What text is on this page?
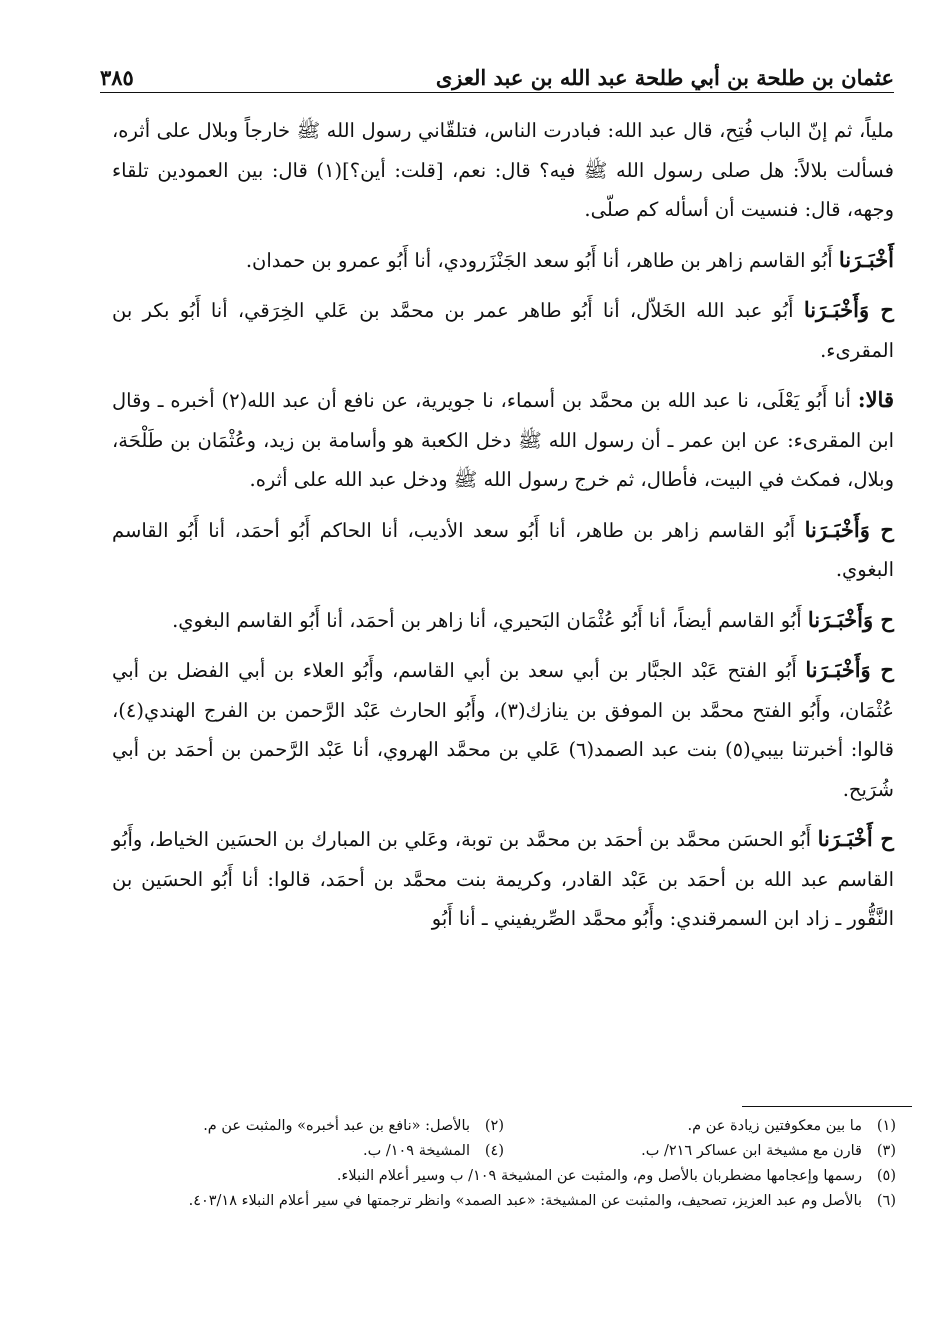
عثمان بن طلحة بن أبي طلحة عبد الله بن عبد العزى
٣٨٥

ملياً، ثم إنّ الباب فُتِح، قال عبد الله: فبادرت الناس، فتلقّاني رسول الله ﷺ خارجاً وبلال على أثره، فسألت بلالاً: هل صلى رسول الله ﷺ فيه؟ قال: نعم، [قلت: أين؟](١) قال: بين العمودين تلقاء وجهه، قال: فنسيت أن أسأله كم صلّى.

أَخْبَـرَنا أَبُو القاسم زاهر بن طاهر، أنا أَبُو سعد الجَنْزَرودي، أنا أَبُو عمرو بن حمدان.

ح وَأَخْبَـرَنا أَبُو عبد الله الخَلاّل، أنا أَبُو طاهر عمر بن محمَّد بن عَلي الخِرَقي، أنا أَبُو بكر بن المقرىء.

قالا: أنا أَبُو يَعْلَى، نا عبد الله بن محمَّد بن أسماء، نا جويرية، عن نافع أن عبد الله(٢) أخبره ـ وقال ابن المقرىء: عن ابن عمر ـ أن رسول الله ﷺ دخل الكعبة هو وأسامة بن زيد، وعُثْمَان بن طَلْحَة، وبلال، فمكث في البيت، فأطال، ثم خرج رسول الله ﷺ ودخل عبد الله على أثره.

ح وَأَخْبَـرَنا أَبُو القاسم زاهر بن طاهر، أنا أَبُو سعد الأديب، أنا الحاكم أَبُو أحمَد، أنا أَبُو القاسم البغوي.

ح وَأَخْبَـرَنا أَبُو القاسم أيضاً، أنا أَبُو عُثْمَان البَحيري، أنا زاهر بن أحمَد، أنا أَبُو القاسم البغوي.

ح وَأَخْبَـرَنا أَبُو الفتح عَبْد الجبَّار بن أبي سعد بن أبي القاسم، وأَبُو العلاء بن أبي الفضل بن أبي عُثْمَان، وأَبُو الفتح محمَّد بن الموفق بن ينازك(٣)، وأَبُو الحارث عَبْد الرَّحمن بن الفرج الهندي(٤)، قالوا: أخبرتنا بيبي(٥) بنت عبد الصمد(٦) عَلي بن محمَّد الهروي، أنا عَبْد الرَّحمن بن أحمَد بن أبي شُرَيح.

ح أَخْبَـرَنا أَبُو الحسَن محمَّد بن أحمَد بن محمَّد بن توبة، وعَلي بن المبارك بن الحسَين الخياط، وأَبُو القاسم عبد الله بن أحمَد بن عَبْد القادر، وكريمة بنت محمَّد بن أحمَد، قالوا: أنا أَبُو الحسَين بن النَّقُّور ـ زاد ابن السمرقندي: وأَبُو محمَّد الصِّريفيني ـ أنا أَبُو

(١)
ما بين معكوفتين زيادة عن م.
(٢)
بالأصل: «نافع بن عبد أخبره» والمثبت عن م.
(٣)
قارن مع مشيخة ابن عساكر ٢١٦/ ب.
(٤)
المشيخة ١٠٩/ ب.
(٥)
رسمها وإعجامها مضطربان بالأصل وم، والمثبت عن المشيخة ١٠٩/ ب وسير أعلام النبلاء.
(٦)
بالأصل وم عبد العزيز، تصحيف، والمثبت عن المشيخة: «عبد الصمد» وانظر ترجمتها في سير أعلام النبلاء ٤٠٣/١٨.
